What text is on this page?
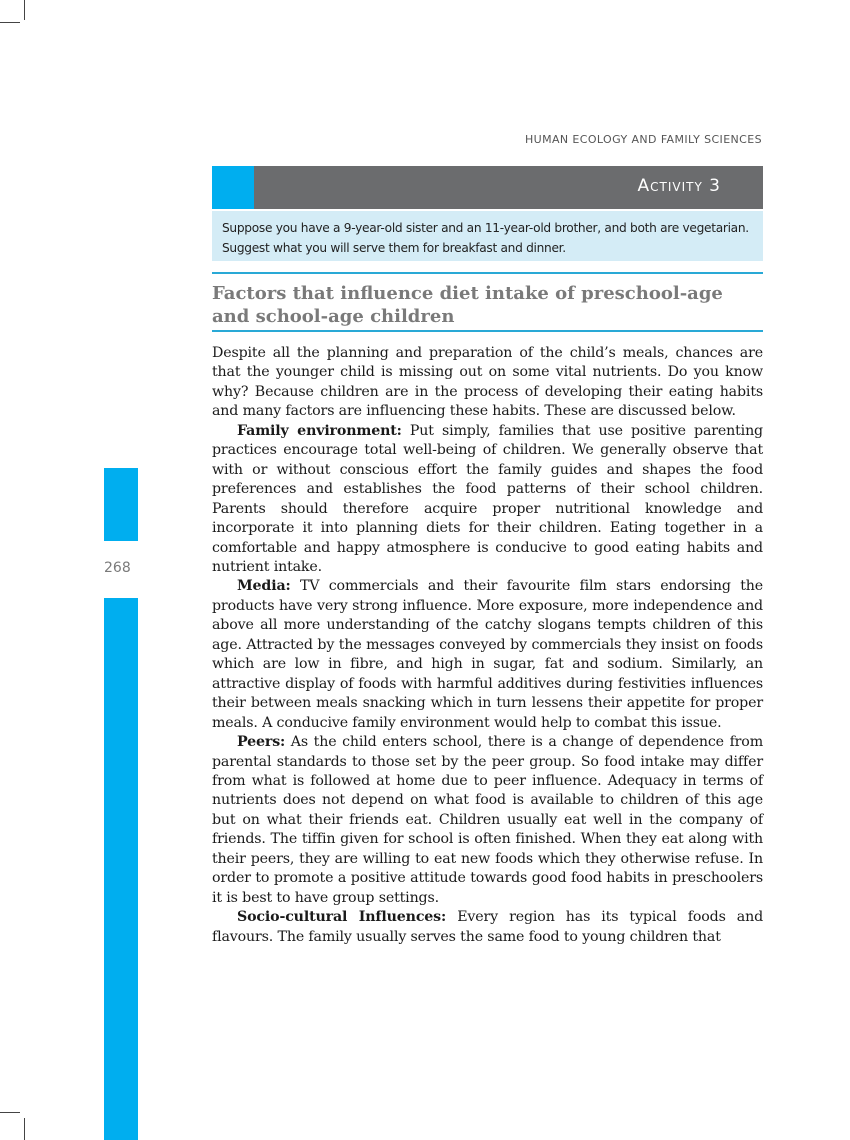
HUMAN ECOLOGY AND FAMILY SCIENCES
Activity 3

Suppose you have a 9-year-old sister and an 11-year-old brother, and both are vegetarian. Suggest what you will serve them for breakfast and dinner.

Factors that influence diet intake of preschool-age and school-age children

Despite all the planning and preparation of the child’s meals, chances are that the younger child is missing out on some vital nutrients. Do you know why? Because children are in the process of developing their eating habits and many factors are influencing these habits. These are discussed below.

Family environment: Put simply, families that use positive parenting practices encourage total well-being of children. We generally observe that with or without conscious effort the family guides and shapes the food preferences and establishes the food patterns of their school children. Parents should therefore acquire proper nutritional knowledge and incorporate it into planning diets for their children. Eating together in a comfortable and happy atmosphere is conducive to good eating habits and nutrient intake.

Media: TV commercials and their favourite film stars endorsing the products have very strong influence. More exposure, more independence and above all more understanding of the catchy slogans tempts children of this age. Attracted by the messages conveyed by commercials they insist on foods which are low in fibre, and high in sugar, fat and sodium. Similarly, an attractive display of foods with harmful additives during festivities influences their between meals snacking which in turn lessens their appetite for proper meals. A conducive family environment would help to combat this issue.

Peers: As the child enters school, there is a change of dependence from parental standards to those set by the peer group. So food intake may differ from what is followed at home due to peer influence. Adequacy in terms of nutrients does not depend on what food is available to children of this age but on what their friends eat. Children usually eat well in the company of friends. The tiffin given for school is often finished. When they eat along with their peers, they are willing to eat new foods which they otherwise refuse. In order to promote a positive attitude towards good food habits in preschoolers it is best to have group settings.

Socio-cultural Influences: Every region has its typical foods and flavours. The family usually serves the same food to young children that

268
